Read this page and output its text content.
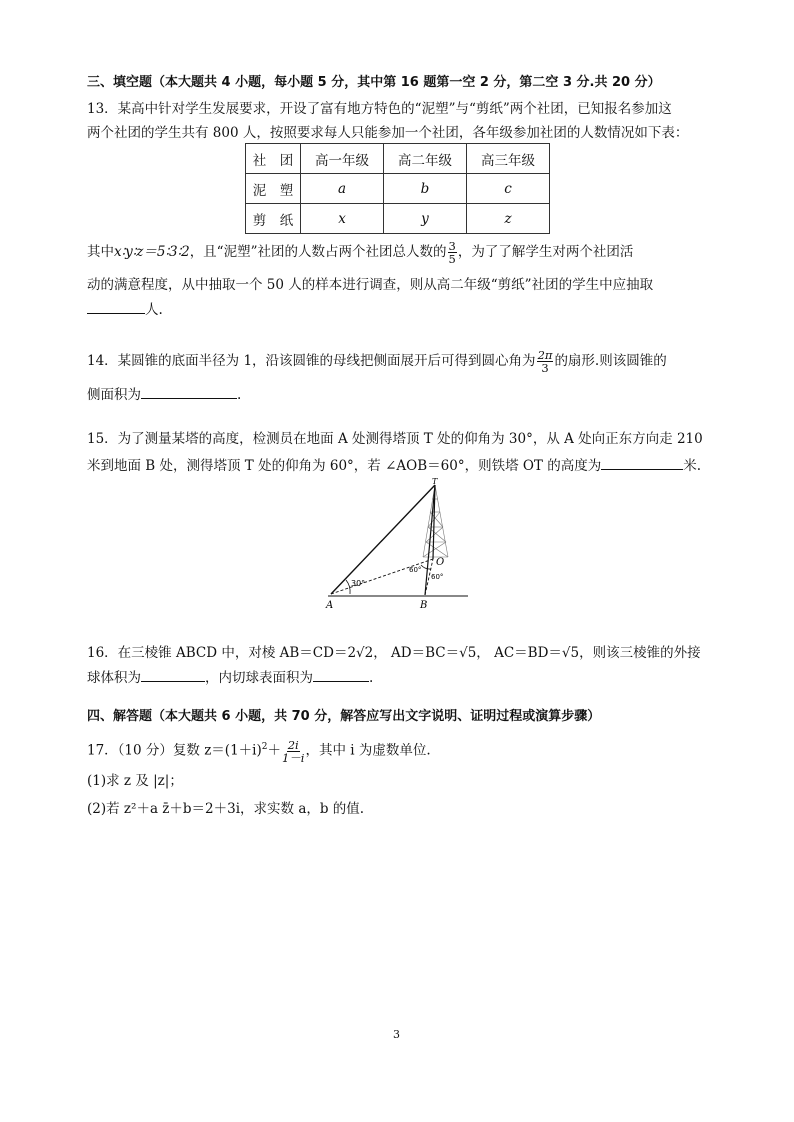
三、填空题（本大题共 4 小题，每小题 5 分，其中第 16 题第一空 2 分，第二空 3 分.共 20 分）
13．某高中针对学生发展要求，开设了富有地方特色的“泥塑”与“剪纸”两个社团，已知报名参加这
两个社团的学生共有 800 人，按照要求每人只能参加一个社团，各年级参加社团的人数情况如下表：
社　团	高一年级	高二年级	高三年级
泥　塑	a	b	c
剪　纸	x	y	z
其中x∶y∶z＝5∶3∶2，且“泥塑”社团的人数占两个社团总人数的 $\frac{3}{5}$ ，为了了解学生对两个社团活
动的满意程度，从中抽取一个 50 人的样本进行调查，则从高二年级“剪纸”社团的学生中应抽取
人.
14．某圆锥的底面半径为 1，沿该圆锥的母线把侧面展开后可得到圆心角为 $\frac{2\pi}{3}$ 的扇形.则该圆锥的
侧面积为	.
15．为了测量某塔的高度，检测员在地面 A 处测得塔顶 T 处的仰角为 30°，从 A 处向正东方向走 210
米到地面 B 处，测得塔顶 T 处的仰角为 60°，若 ∠AOB＝60°，则铁塔 OT 的高度为	米.
T
O
A	B
30°
60°
60°
16．在三棱锥 ABCD 中，对棱 AB＝CD＝2√2， AD＝BC＝√5， AC＝BD＝√5，则该三棱锥的外接
球体积为	，内切球表面积为	.
四、解答题（本大题共 6 小题，共 70 分，解答应写出文字说明、证明过程或演算步骤）
17．（10 分）复数 $z=(1+i)^2+ \frac{2i}{1-i}$ ，其中 i 为虚数单位.
(1)求 z 及 |z|；
(2)若 z²＋a z̄＋b＝2＋3i，求实数 a，b 的值.
3
